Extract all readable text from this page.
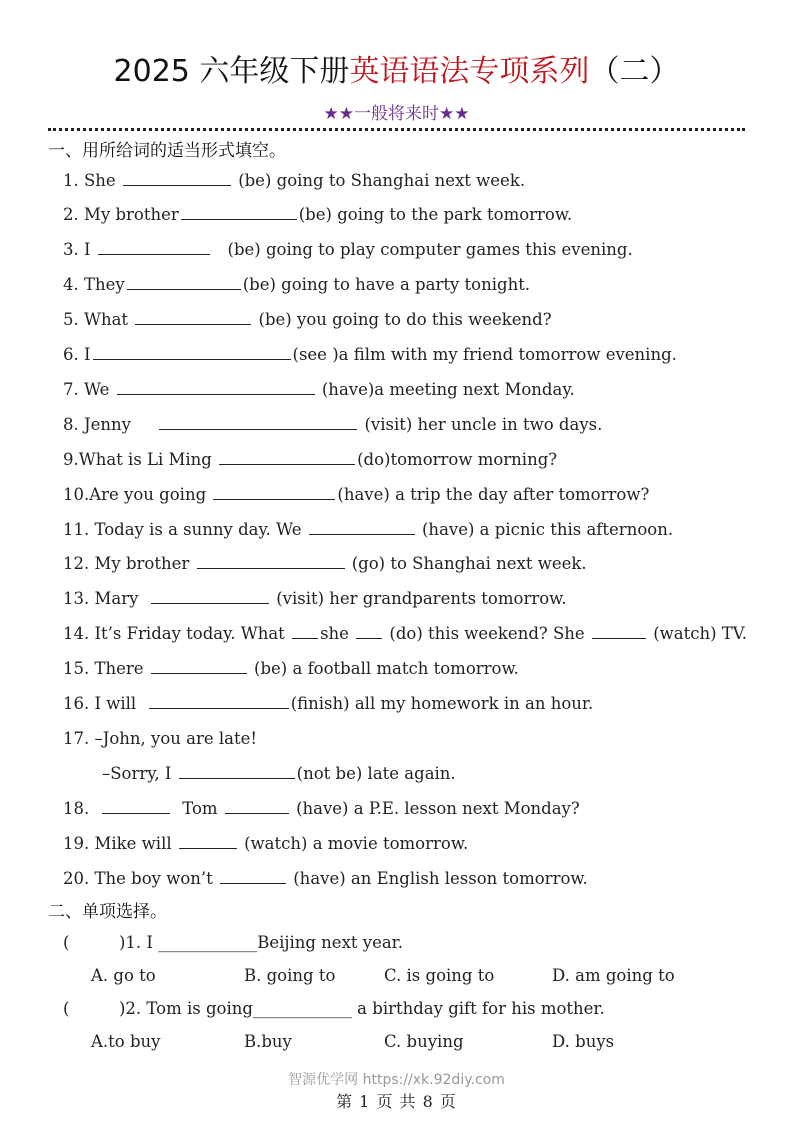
2025 六年级下册英语语法专项系列（二）
★★一般将来时★★
一、用所给词的适当形式填空。
1. She	(be) going to Shanghai next week.
2. My brother	(be) going to the park tomorrow.
3. I	(be) going to play computer games this evening.
4. They	(be) going to have a party tonight.
5. What	(be) you going to do this weekend?
6. I	(see )a film with my friend tomorrow evening.
7. We	(have)a meeting next Monday.
8. Jenny	(visit) her uncle in two days.
9.What is Li Ming	(do)tomorrow morning?
10.Are you going	(have) a trip the day after tomorrow?
11. Today is a sunny day. We	(have) a picnic this afternoon.
12. My brother	(go) to Shanghai next week.
13. Mary	(visit) her grandparents tomorrow.
14. It’s Friday today. What she (do) this weekend? She	(watch) TV.
15. There	(be) a football match tomorrow.
16. I will	(finish) all my homework in an hour.
17. –John, you are late!
–Sorry, I	(not be) late again.
18.	Tom	(have) a P.E. lesson next Monday?
19. Mike will	(watch) a movie tomorrow.
20. The boy won’t	(have) an English lesson tomorrow.
二、单项选择。
(	)1. I ____________Beijing next year.
A. go to	B. going to	C. is going to	D. am going to
(	)2. Tom is going____________ a birthday gift for his mother.
A.to buy	B.buy	C. buying	D. buys
智源优学网 https://xk.92diy.com
第 1 页 共 8 页
